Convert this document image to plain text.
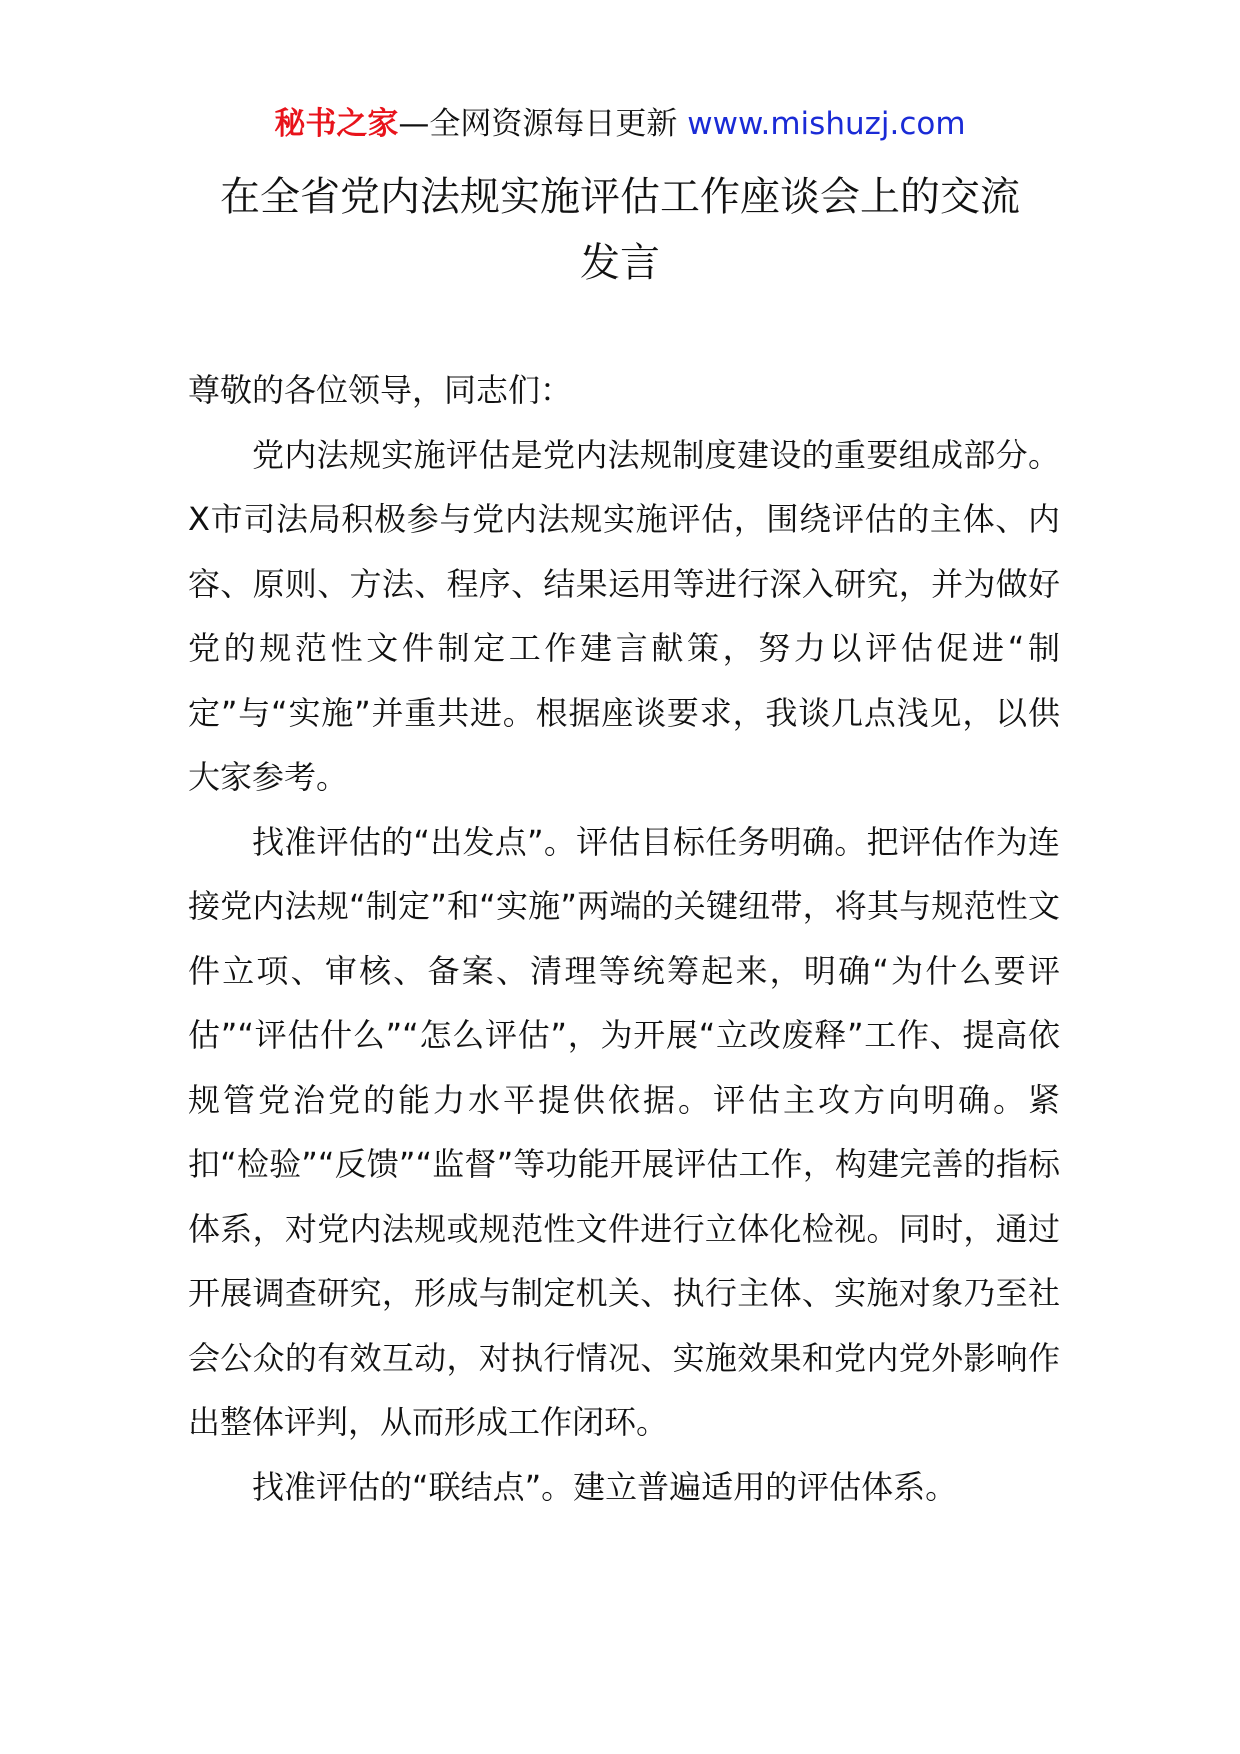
秘书之家—全网资源每日更新 www.mishuzj.com
在全省党内法规实施评估工作座谈会上的交流
发言

尊敬的各位领导，同志们：

党内法规实施评估是党内法规制度建设的重要组成部分。X市司法局积极参与党内法规实施评估，围绕评估的主体、内容、原则、方法、程序、结果运用等进行深入研究，并为做好党的规范性文件制定工作建言献策，努力以评估促进“制定”与“实施”并重共进。根据座谈要求，我谈几点浅见，以供大家参考。

找准评估的“出发点”。评估目标任务明确。把评估作为连接党内法规“制定”和“实施”两端的关键纽带，将其与规范性文件立项、审核、备案、清理等统筹起来，明确“为什么要评估”“评估什么”“怎么评估”，为开展“立改废释”工作、提高依规管党治党的能力水平提供依据。评估主攻方向明确。紧扣“检验”“反馈”“监督”等功能开展评估工作，构建完善的指标体系，对党内法规或规范性文件进行立体化检视。同时，通过开展调查研究，形成与制定机关、执行主体、实施对象乃至社会公众的有效互动，对执行情况、实施效果和党内党外影响作出整体评判，从而形成工作闭环。

找准评估的“联结点”。建立普遍适用的评估体系。
